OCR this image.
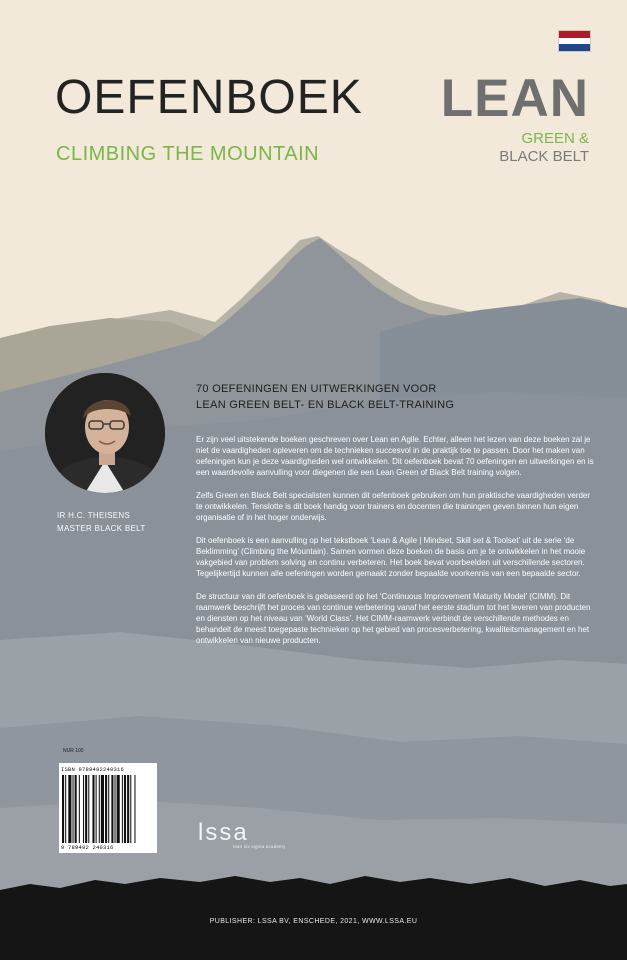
OEFENBOEK
CLIMBING THE MOUNTAIN
LEAN
GREEN &
BLACK BELT
IR H.C. THEISENS
MASTER BLACK BELT
70 OEFENINGEN EN UITWERKINGEN VOOR
LEAN GREEN BELT- EN BLACK BELT-TRAINING

Er zijn veel uitstekende boeken geschreven over Lean en Agile. Echter, alleen het lezen van deze boeken zal je niet de vaardigheden opleveren om de technieken succesvol in de praktijk toe te passen. Door het maken van oefeningen kun je deze vaardigheden wel ontwikkelen. Dit oefenboek bevat 70 oefeningen en uitwerkingen en is een waardevolle aanvulling voor diegenen die een Lean Green of Black Belt training volgen.

Zelfs Green en Black Belt specialisten kunnen dit oefenboek gebruiken om hun praktische vaardigheden verder te ontwikkelen. Tenslotte is dit boek handig voor trainers en docenten die trainingen geven binnen hun eigen organisatie of in het hoger onderwijs.

Dit oefenboek is een aanvulling op het tekstboek ‘Lean & Agile | Mindset, Skill set & Toolset’ uit de serie ‘de Beklimming’ (Climbing the Mountain). Samen vormen deze boeken de basis om je te ontwikkelen in het mooie vakgebied van problem solving en continu verbeteren. Het boek bevat voorbeelden uit verschillende sectoren. Tegelijkertijd kunnen alle oefeningen worden gemaakt zonder bepaalde voorkennis van een bepaalde sector.

De structuur van dit oefenboek is gebaseerd op het ‘Continuous Improvement Maturity Model’ (CIMM). Dit raamwerk beschrijft het proces van continue verbetering vanaf het eerste stadium tot het leveren van producten en diensten op het niveau van ‘World Class’. Het CIMM-raamwerk verbindt de verschillende methodes en behandelt de meest toegepaste technieken op het gebied van procesverbetering, kwaliteitsmanagement en het ontwikkelen van nieuwe producten.

NUR 100
ISBN 9789492240316
9 789492 240316
lssa
lean six sigma academy
PUBLISHER: LSSA BV, ENSCHEDE, 2021, WWW.LSSA.EU
